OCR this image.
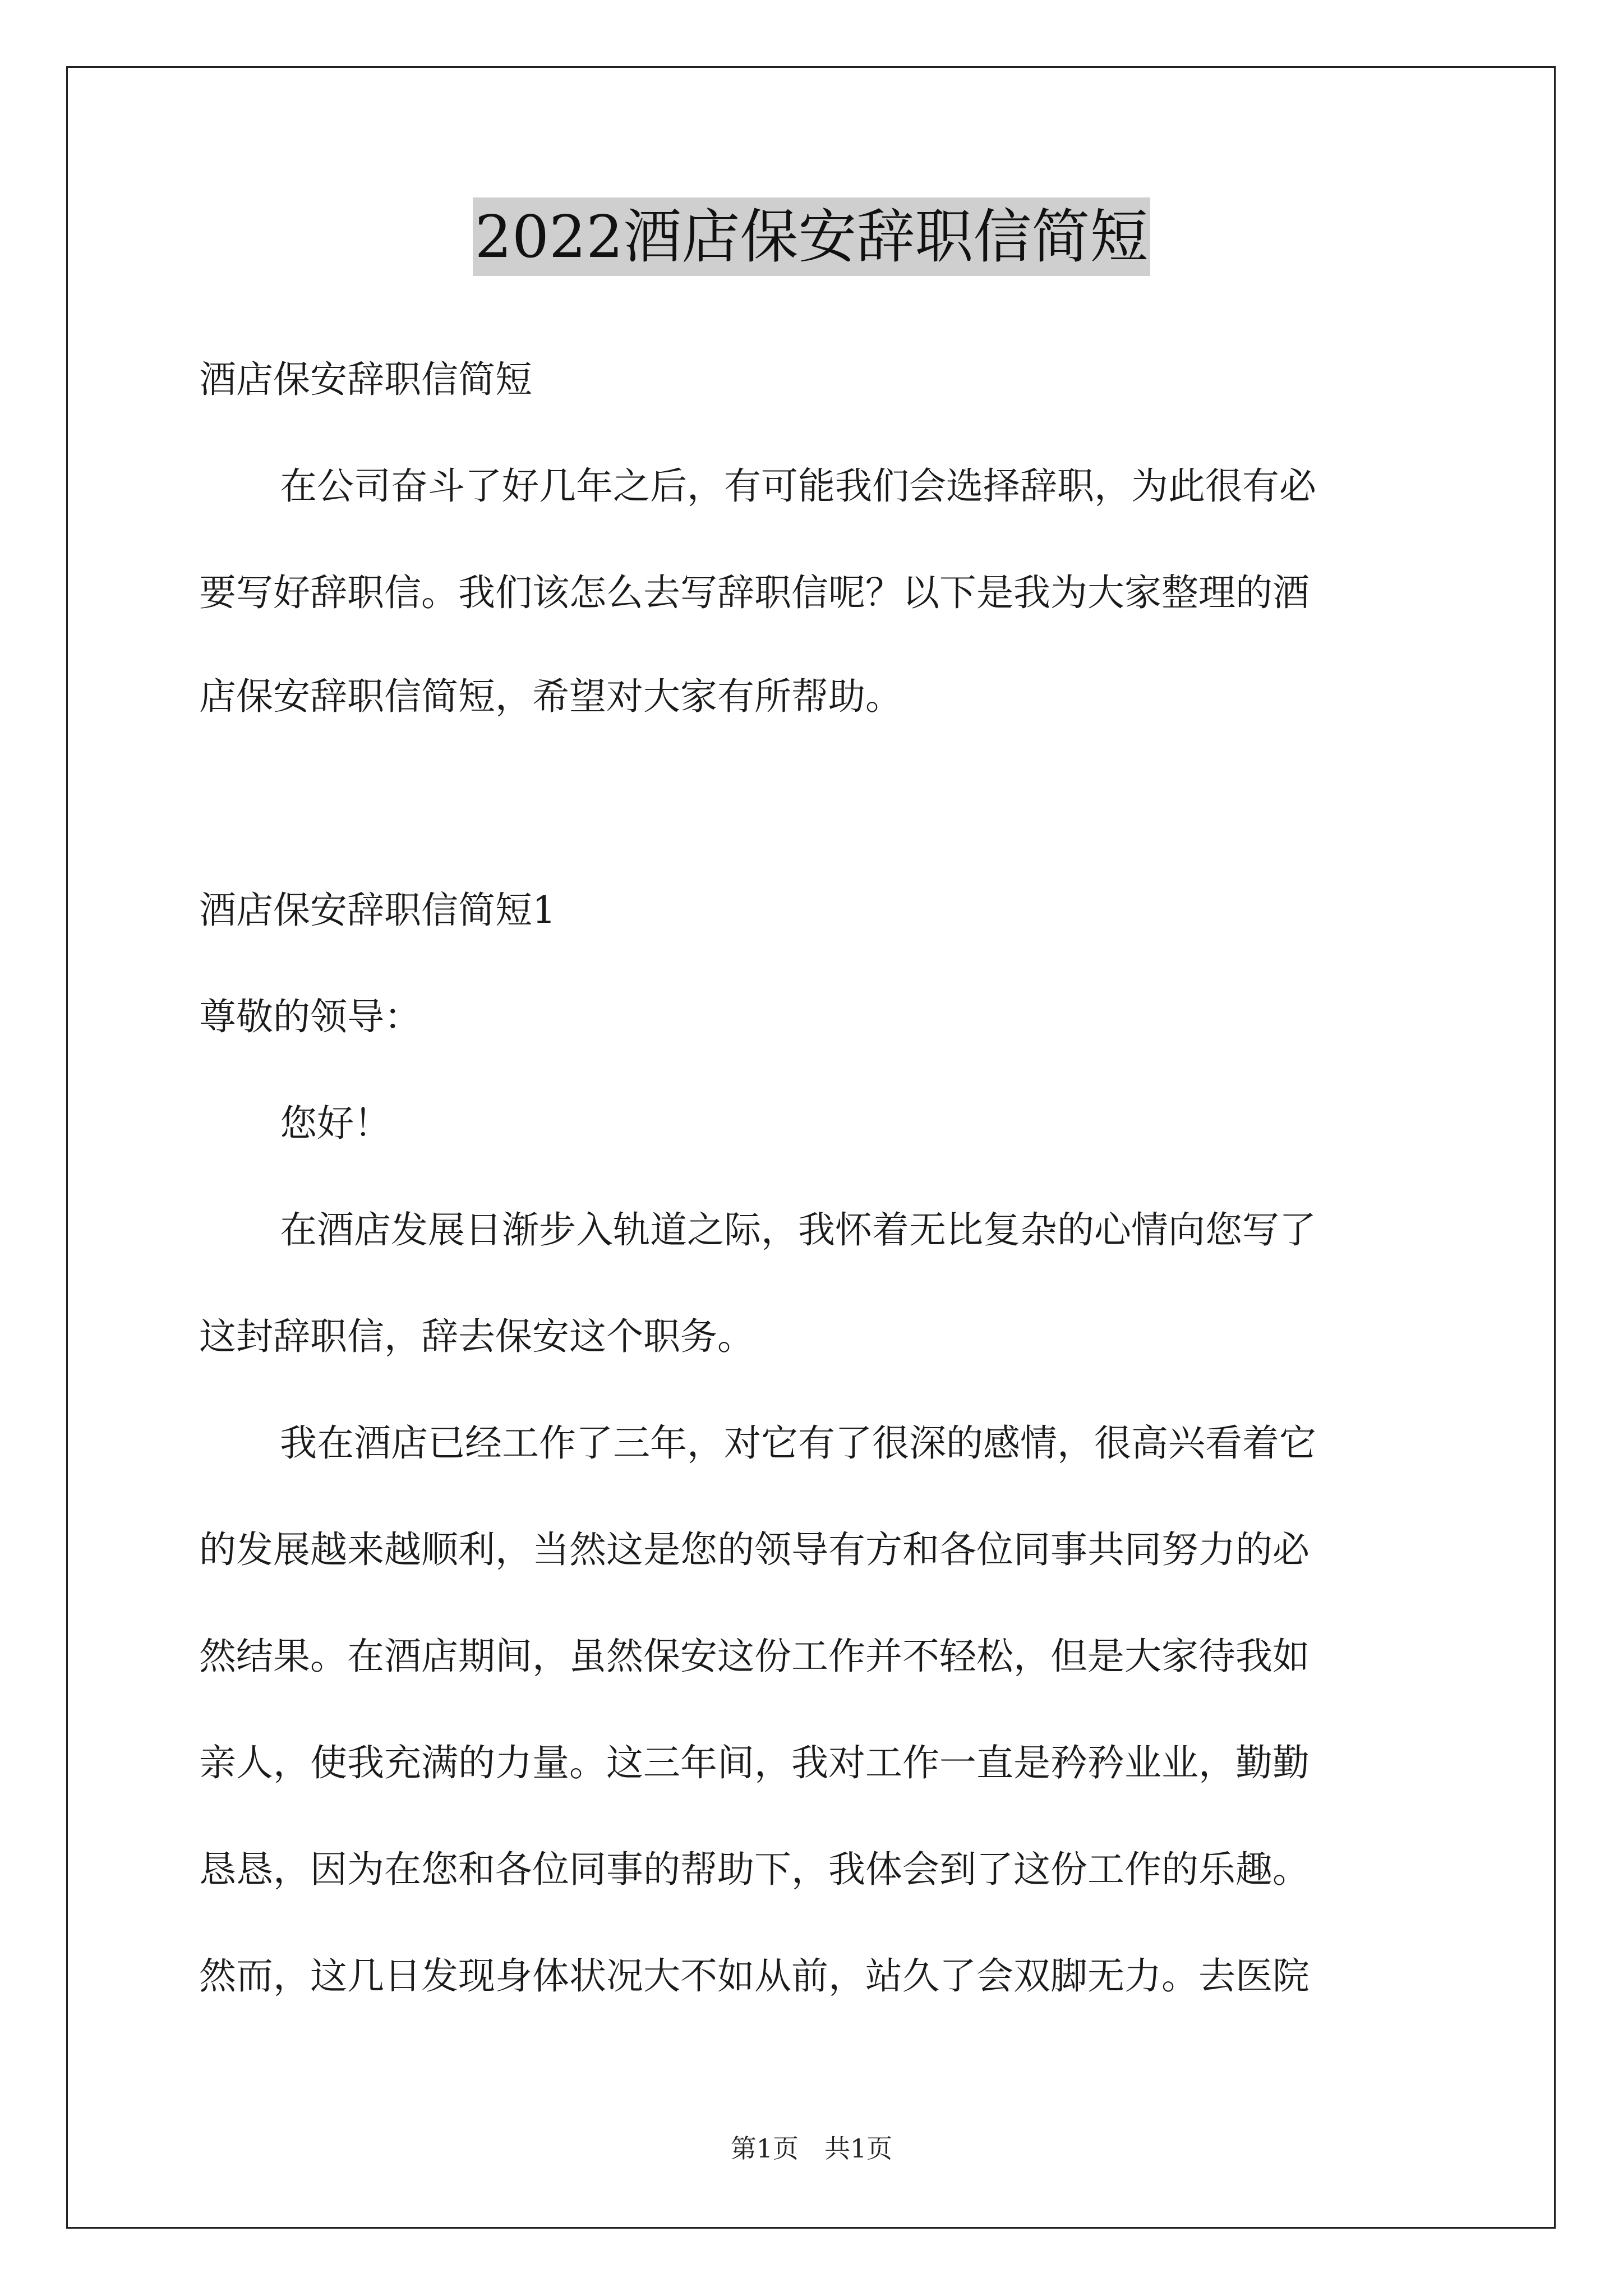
2022酒店保安辞职信简短
酒店保安辞职信简短
在公司奋斗了好几年之后，有可能我们会选择辞职，为此很有必
要写好辞职信。我们该怎么去写辞职信呢？以下是我为大家整理的酒
店保安辞职信简短，希望对大家有所帮助。
酒店保安辞职信简短1
尊敬的领导：
您好！
在酒店发展日渐步入轨道之际，我怀着无比复杂的心情向您写了
这封辞职信，辞去保安这个职务。
我在酒店已经工作了三年，对它有了很深的感情，很高兴看着它
的发展越来越顺利，当然这是您的领导有方和各位同事共同努力的必
然结果。在酒店期间，虽然保安这份工作并不轻松，但是大家待我如
亲人，使我充满的力量。这三年间，我对工作一直是矜矜业业，勤勤
恳恳，因为在您和各位同事的帮助下，我体会到了这份工作的乐趣。
然而，这几日发现身体状况大不如从前，站久了会双脚无力。去医院
第1页　共1页
